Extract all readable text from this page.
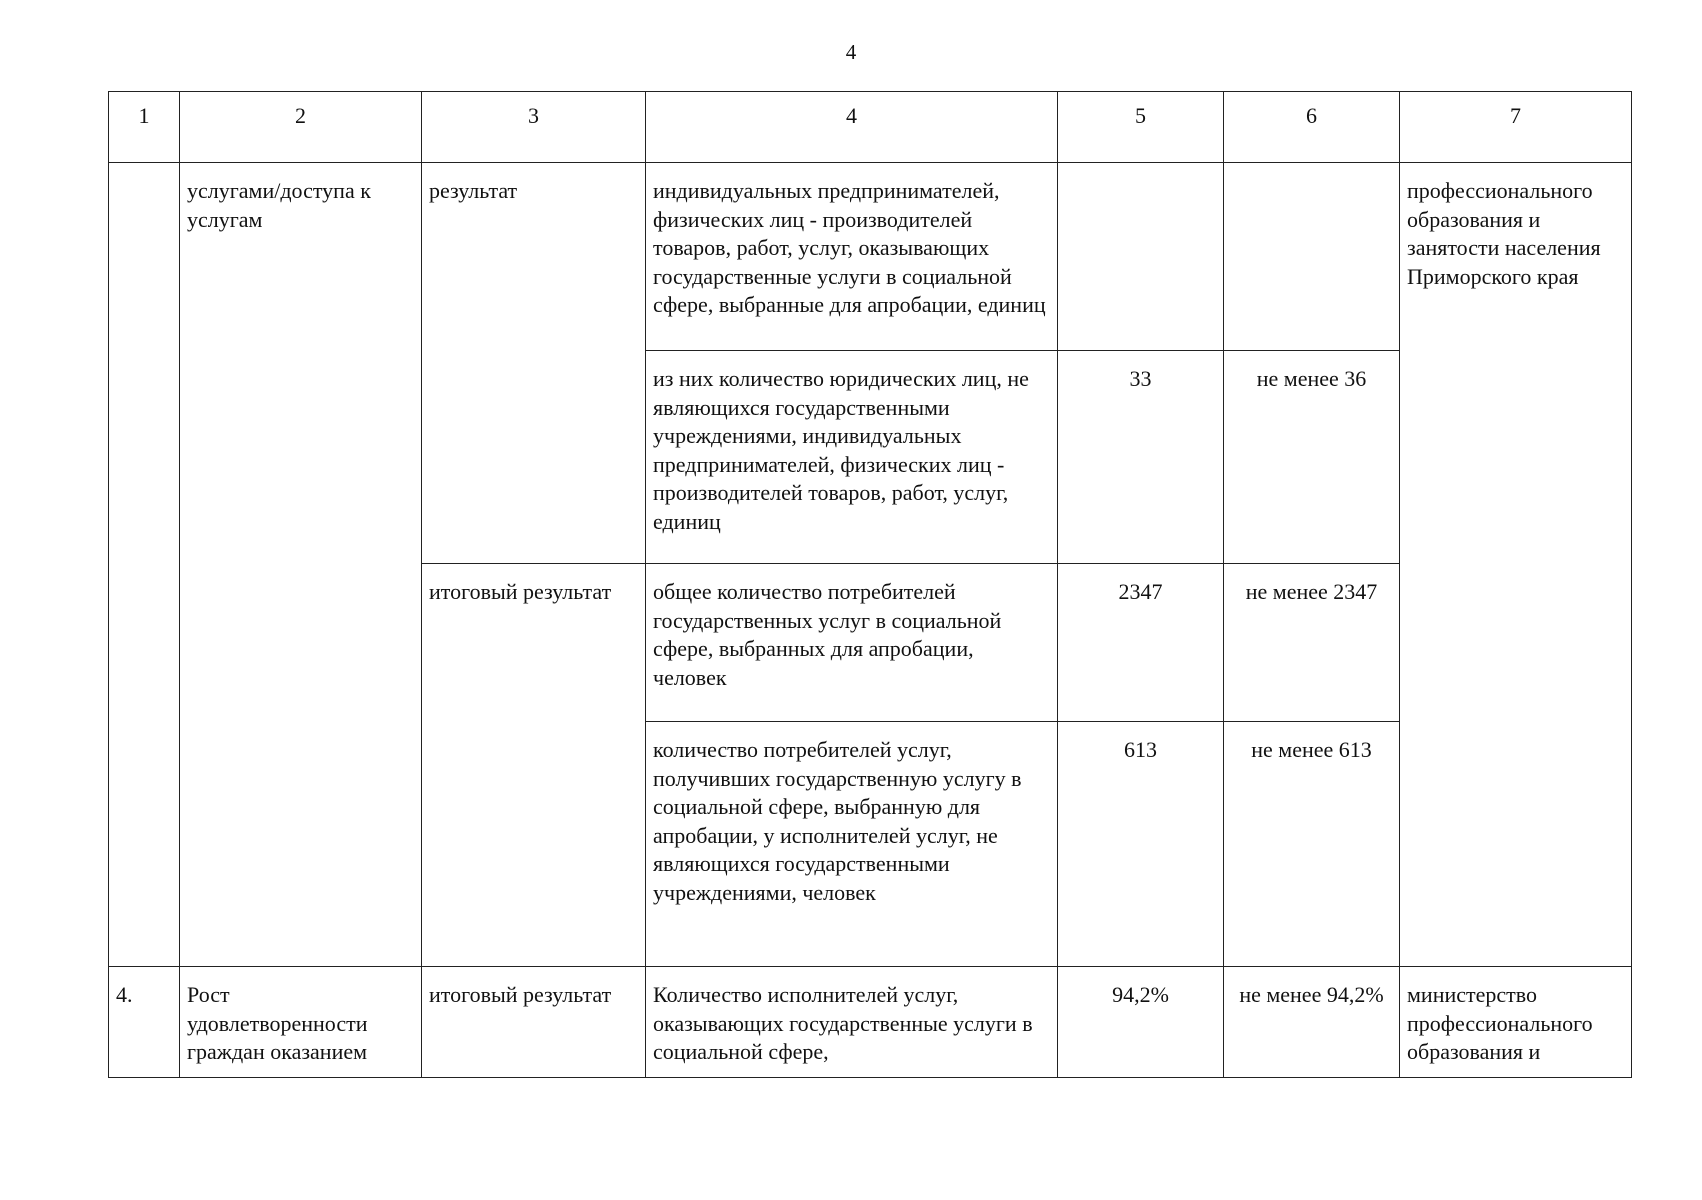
4
1	2	3	4	5	6	7
	услугами/доступа к услугам	результат	индивидуальных предпринимателей, физических лиц - производителей товаров, работ, услуг, оказывающих государственные услуги в социальной сфере, выбранные для апробации, единиц			профессионального образования и занятости населения Приморского края
			из них количество юридических лиц, не являющихся государственными учреждениями, индивидуальных предпринимателей, физических лиц - производителей товаров, работ, услуг, единиц	33	не менее 36	
		итоговый результат	общее количество потребителей государственных услуг в социальной сфере, выбранных для апробации, человек	2347	не менее 2347	
			количество потребителей услуг, получивших государственную услугу в социальной сфере, выбранную для апробации, у исполнителей услуг, не являющихся государственными учреждениями, человек	613	не менее 613	
4.	Рост удовлетворенности граждан оказанием	итоговый результат	Количество исполнителей услуг, оказывающих государственные услуги в социальной сфере,	94,2%	не менее 94,2%	министерство профессионального образования и
